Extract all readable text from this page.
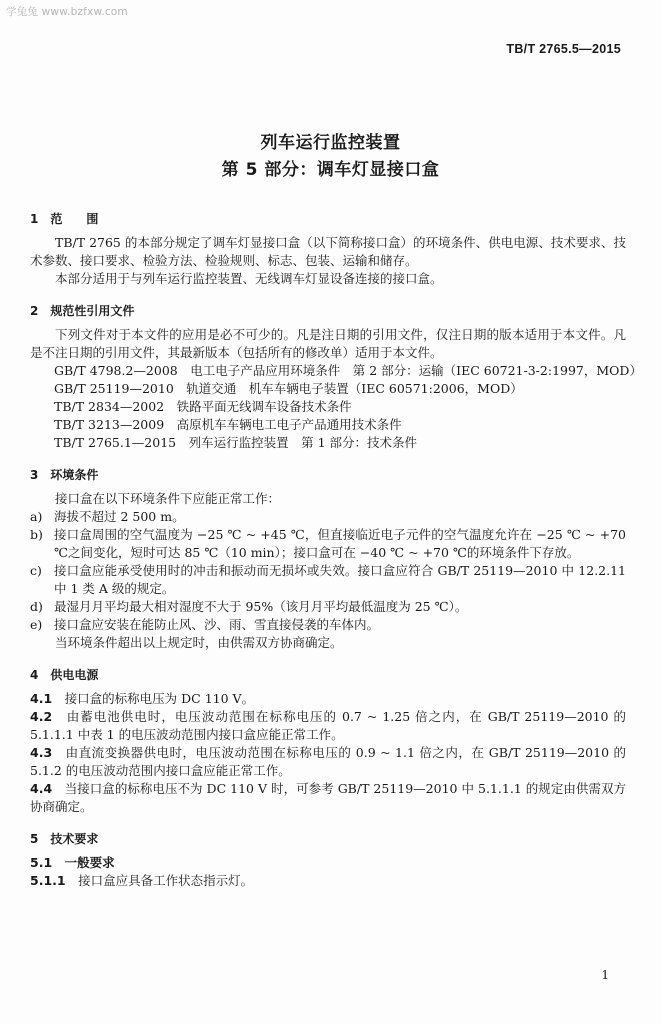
学兔兔 www.bzfxw.com
TB/T 2765.5—2015
列车运行监控装置
第 5 部分：调车灯显接口盒

1　范　　围

TB/T 2765 的本部分规定了调车灯显接口盒（以下简称接口盒）的环境条件、供电电源、技术要求、技术参数、接口要求、检验方法、检验规则、标志、包装、运输和储存。

本部分适用于与列车运行监控装置、无线调车灯显设备连接的接口盒。

2　规范性引用文件

下列文件对于本文件的应用是必不可少的。凡是注日期的引用文件，仅注日期的版本适用于本文件。凡是不注日期的引用文件，其最新版本（包括所有的修改单）适用于本文件。

GB/T 4798.2—2008　电工电子产品应用环境条件　第 2 部分：运输（IEC 60721-3-2:1997，MOD）

GB/T 25119—2010　轨道交通　机车车辆电子装置（IEC 60571:2006，MOD）

TB/T 2834—2002　铁路平面无线调车设备技术条件

TB/T 3213—2009　高原机车车辆电工电子产品通用技术条件

TB/T 2765.1—2015　列车运行监控装置　第 1 部分：技术条件

3　环境条件

接口盒在以下环境条件下应能正常工作：

a) 海拔不超过 2 500 m。
b) 接口盒周围的空气温度为 −25 ℃ ~ +45 ℃，但直接临近电子元件的空气温度允许在 −25 ℃ ~ +70 ℃之间变化，短时可达 85 ℃（10 min）；接口盒可在 −40 ℃ ~ +70 ℃的环境条件下存放。
c) 接口盒应能承受使用时的冲击和振动而无损坏或失效。接口盒应符合 GB/T 25119—2010 中 12.2.11 中 1 类 A 级的规定。
d) 最湿月月平均最大相对湿度不大于 95%（该月月平均最低温度为 25 ℃）。
e) 接口盒应安装在能防止风、沙、雨、雪直接侵袭的车体内。

当环境条件超出以上规定时，由供需双方协商确定。

4　供电电源

4.1　 接口盒的标称电压为 DC 110 V。

4.2　 由蓄电池供电时，电压波动范围在标称电压的 0.7 ~ 1.25 倍之内，在 GB/T 25119—2010 的 5.1.1.1 中表 1 的电压波动范围内接口盒应能正常工作。

4.3　 由直流变换器供电时，电压波动范围在标称电压的 0.9 ~ 1.1 倍之内，在 GB/T 25119—2010 的 5.1.2 的电压波动范围内接口盒应能正常工作。

4.4　 当接口盒的标称电压不为 DC 110 V 时，可参考 GB/T 25119—2010 中 5.1.1.1 的规定由供需双方协商确定。

5　技术要求

5.1　 一般要求

5.1.1　 接口盒应具备工作状态指示灯。

1
